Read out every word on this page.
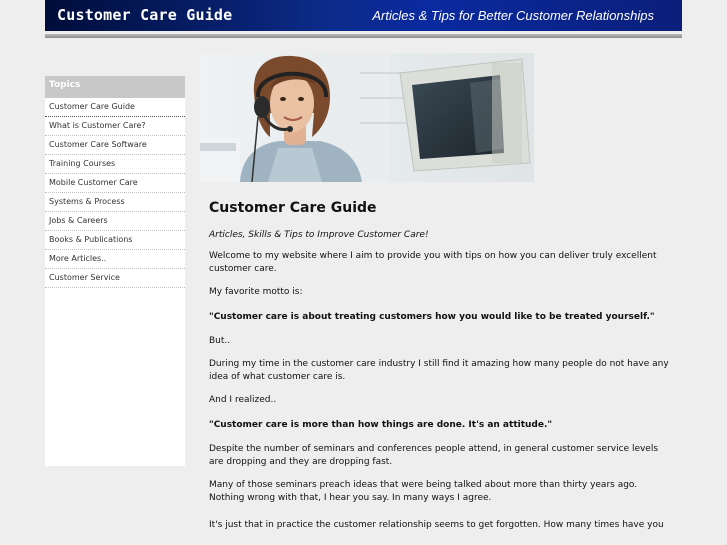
Customer Care Guide	Articles & Tips for Better Customer Relationships
Topics
Customer Care Guide
What is Customer Care?
Customer Care Software
Training Courses
Mobile Customer Care
Systems & Process
Jobs & Careers
Books & Publications
More Articles..
Customer Service
Customer Care Guide

Articles, Skills & Tips to Improve Customer Care!

Welcome to my website where I aim to provide you with tips on how you can deliver truly excellent customer care.

My favorite motto is:

"Customer care is about treating customers how you would like to be treated yourself."

But..

During my time in the customer care industry I still find it amazing how many people do not have any idea of what customer care is.

And I realized..

"Customer care is more than how things are done. It's an attitude."

Despite the number of seminars and conferences people attend, in general customer service levels are dropping and they are dropping fast.

Many of those seminars preach ideas that were being talked about more than thirty years ago. Nothing wrong with that, I hear you say. In many ways I agree.

It's just that in practice the customer relationship seems to get forgotten. How many times have you
